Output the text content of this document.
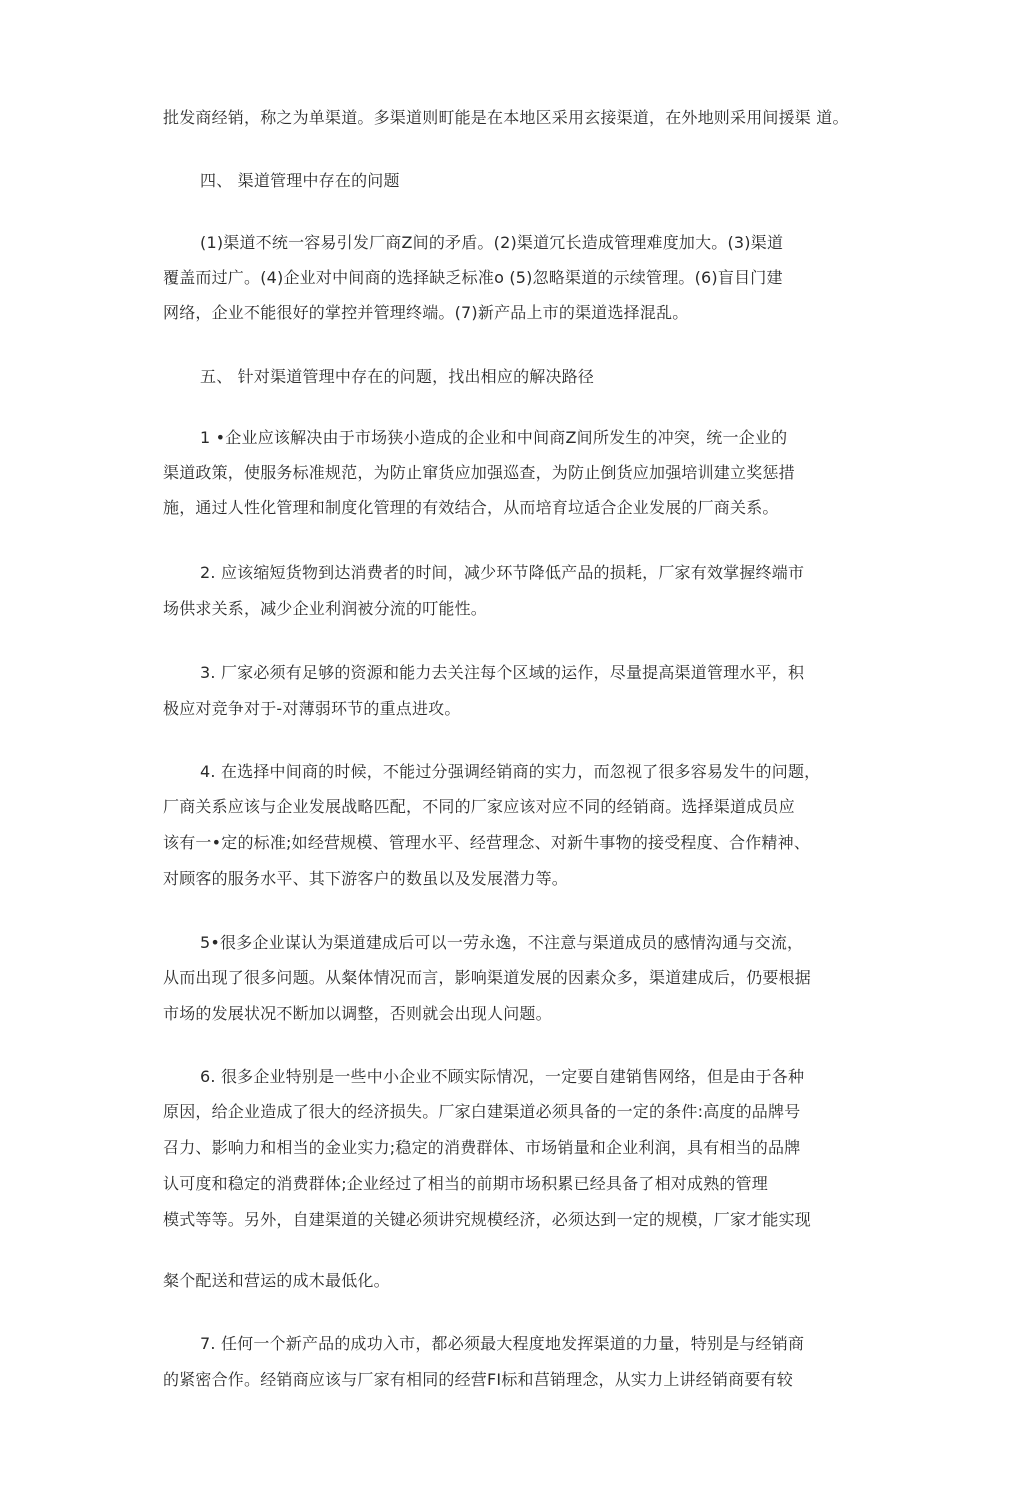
批发商经销，称之为单渠道。多渠道则町能是在本地区采用玄接渠道，在外地则采用间援渠 道。
四、 渠道管理中存在的问题
(1)渠道不统一容易引发厂商Z间的矛盾。(2)渠道冗长造成管理难度加大。(3)渠道
覆盖而过广。(4)企业对中间商的选择缺乏标准o (5)忽略渠道的示续管理。(6)盲目门建
网络，企业不能很好的掌控并管理终端。(7)新产品上市的渠道选择混乱。
五、 针对渠道管理中存在的问题，找出相应的解决路径
1 •企业应该解决由于市场狭小造成的企业和中间商Z间所发生的冲突，统一企业的
渠道政策，使服务标准规范，为防止窜货应加强巡查，为防止倒货应加强培训建立奖惩措
施，通过人性化管理和制度化管理的有效结合，从而培育垃适合企业发展的厂商关系。
2. 应该缩短货物到达消费者的时间，减少环节降低产品的损耗，厂家有效掌握终端市
场供求关系，减少企业利润被分流的叮能性。
3. 厂家必须有足够的资源和能力去关注每个区域的运作，尽量提高渠道管理水平，积
极应对竞争对于-对薄弱环节的重点进攻。
4. 在选择中间商的时候，不能过分强调经销商的实力，而忽视了很多容易发牛的问题，
厂商关系应该与企业发展战略匹配，不同的厂家应该对应不同的经销商。选择渠道成员应
该有一•定的标准;如经营规模、管理水平、经营理念、对新牛事物的接受程度、合作精神、
对顾客的服务水平、其下游客户的数虽以及发展潜力等。
5•很多企业谋认为渠道建成后可以一劳永逸，不注意与渠道成员的感情沟通与交流，
从而出现了很多问题。从粲体情况而言，影响渠道发展的因素众多，渠道建成后，仍要根据
市场的发展状况不断加以调整，否则就会出现人问题。
6. 很多企业特别是一些中小企业不顾实际情况，一定要自建销售网络，但是由于各种
原因，给企业造成了很大的经济损失。厂家白建渠道必须具备的一定的条件:高度的品牌号
召力、影响力和相当的金业实力;稳定的消费群体、市场销量和企业利润，具有相当的品牌
认可度和稳定的消费群体;企业经过了相当的前期市场积累已经具备了相对成熟的管理
模式等等。另外，自建渠道的关键必须讲究规模经济，必须达到一定的规模，厂家才能实现
粲个配送和营运的成木最低化。
7. 任何一个新产品的成功入市，都必须最大程度地发挥渠道的力量，特别是与经销商
的紧密合作。经销商应该与厂家有相同的经营FI标和莒销理念，从实力上讲经销商要有较
